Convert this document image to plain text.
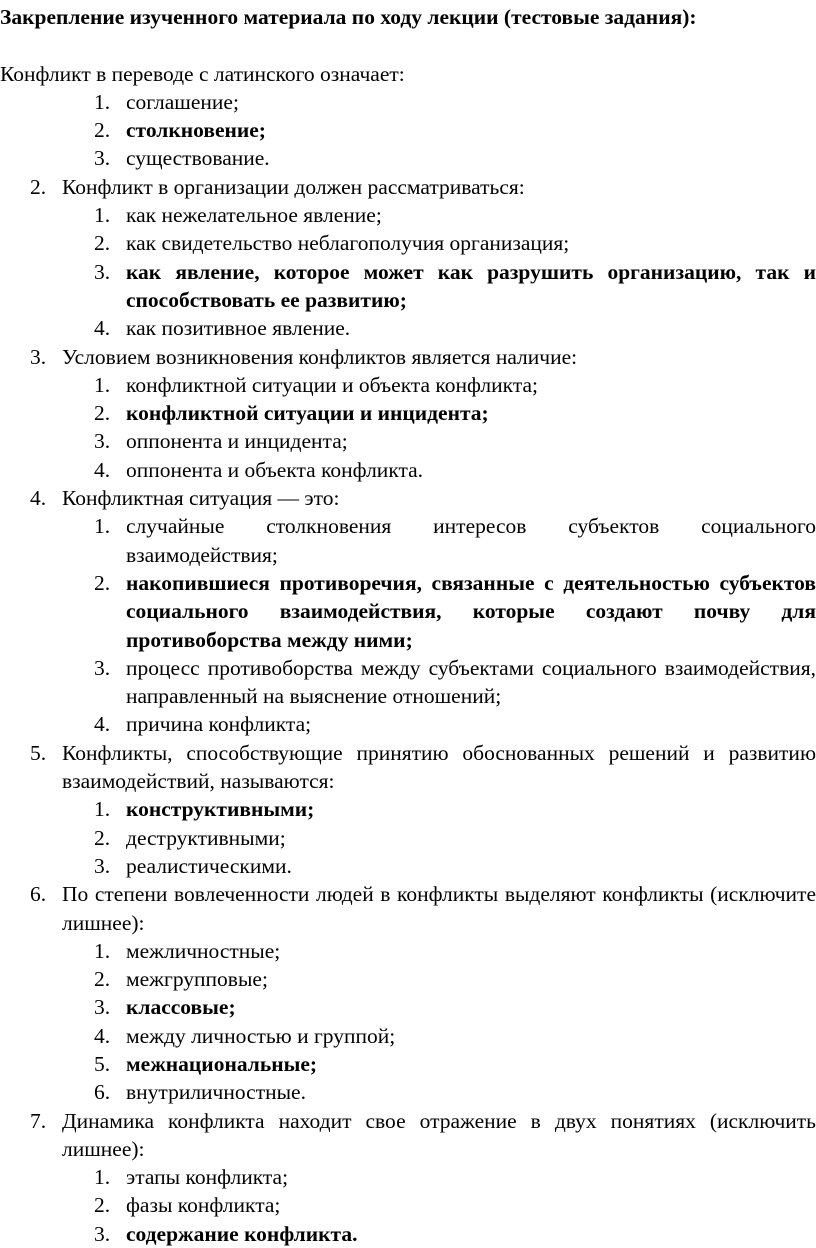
Закрепление изученного материала по ходу лекции (тестовые задания):
Конфликт в переводе с латинского означает:
1. соглашение;
2. столкновение;
3. существование.
2. Конфликт в организации должен рассматриваться:
1. как нежелательное явление;
2. как свидетельство неблагополучия организация;
3. как явление, которое может как разрушить организацию, так и способствовать ее развитию;
4. как позитивное явление.
3. Условием возникновения конфликтов является наличие:
1. конфликтной ситуации и объекта конфликта;
2. конфликтной ситуации и инцидента;
3. оппонента и инцидента;
4. оппонента и объекта конфликта.
4. Конфликтная ситуация — это:
1. случайные столкновения интересов субъектов социального взаимодействия;
2. накопившиеся противоречия, связанные с деятельностью субъектов социального взаимодействия, которые создают почву для противоборства между ними;
3. процесс противоборства между субъектами социального взаимодействия, направленный на выяснение отношений;
4. причина конфликта;
5. Конфликты, способствующие принятию обоснованных решений и развитию взаимодействий, называются:
1. конструктивными;
2. деструктивными;
3. реалистическими.
6. По степени вовлеченности людей в конфликты выделяют конфликты (исключите лишнее):
1. межличностные;
2. межгрупповые;
3. классовые;
4. между личностью и группой;
5. межнациональные;
6. внутриличностные.
7. Динамика конфликта находит свое отражение в двух понятиях (исключить лишнее):
1. этапы конфликта;
2. фазы конфликта;
3. содержание конфликта.
